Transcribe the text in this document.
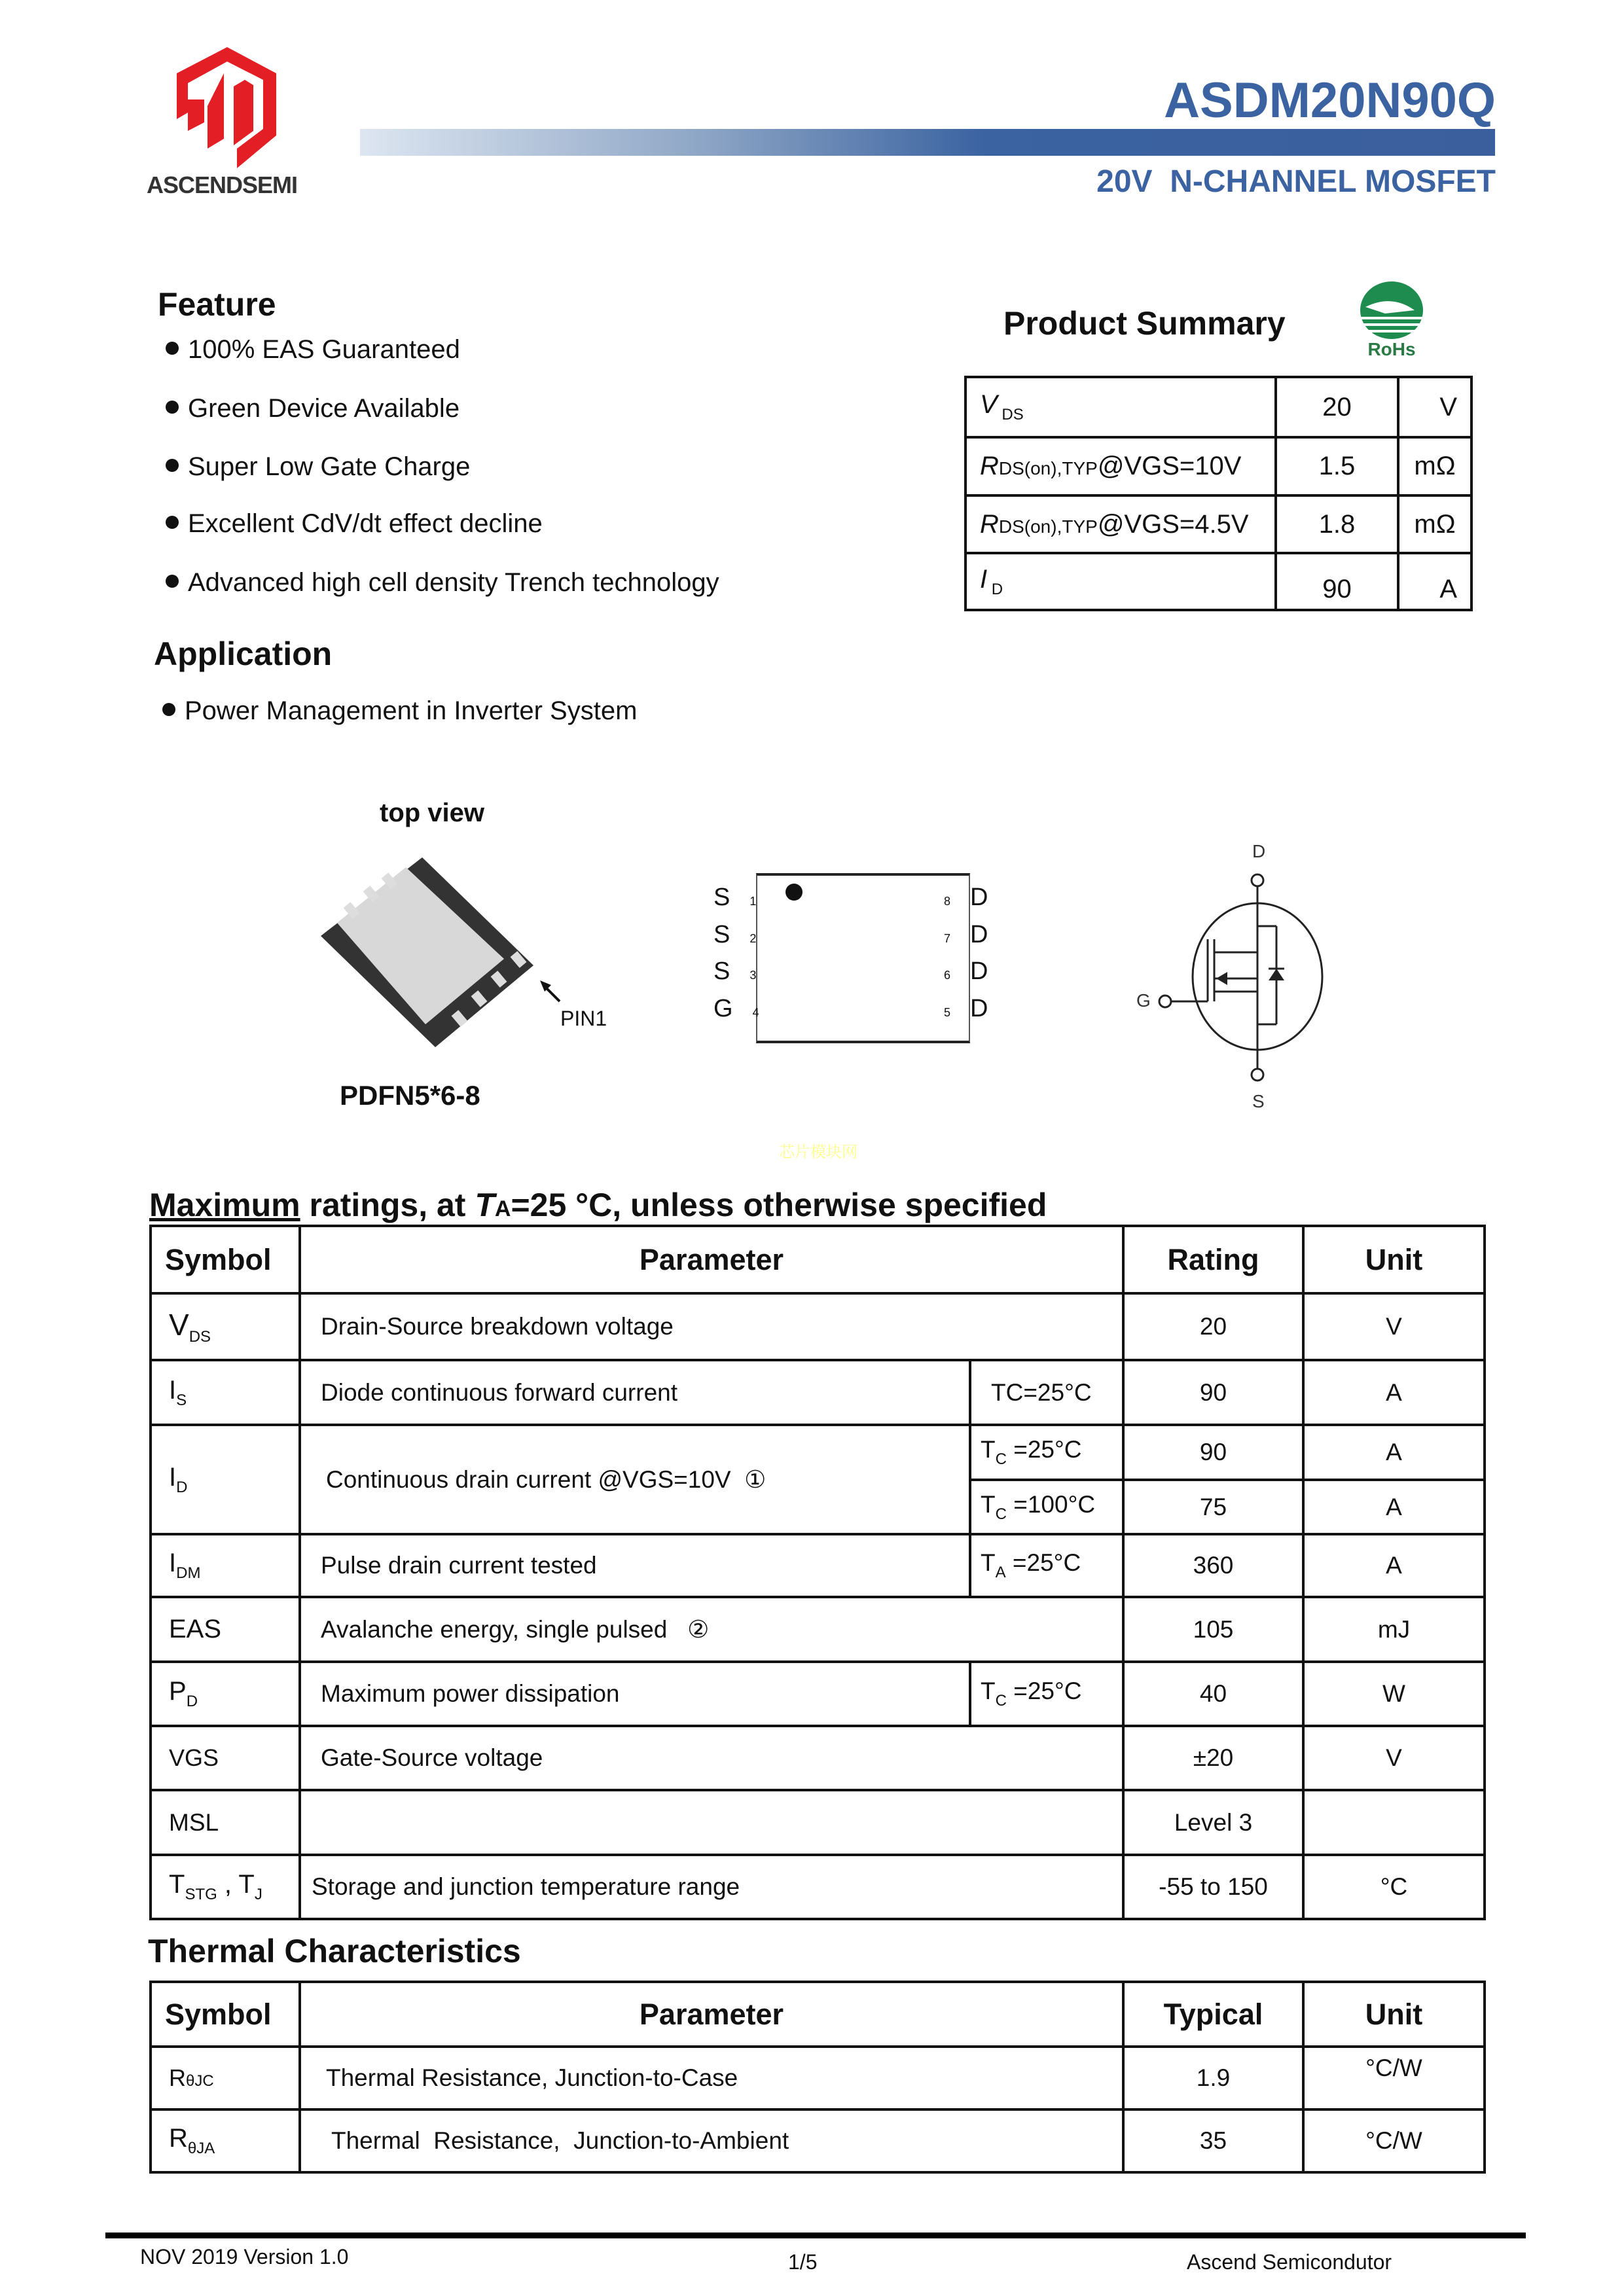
ASCENDSEMI
ASDM20N90Q
20V  N-CHANNEL MOSFET
Feature
100% EAS Guaranteed
Green Device Available
Super Low Gate Charge
Excellent CdV/dt effect decline
Advanced high cell density Trench technology
Application
Power Management in Inverter System
Product Summary
RoHs
V $_{DS}$	20	V
RDS(on),TYP@VGS=10V	1.5	mΩ
RDS(on),TYP@VGS=4.5V	1.8	mΩ
I $_D$	90	A
top view
PIN1
PDFN5*6-8
S 1
S 2
S 3
G 4
8 D
7 D
6 D
5 D
D
G
S
芯片模块网
Maximum ratings, at TA=25 °C, unless otherwise specified
Symbol	Parameter		Rating	Unit
$V_{DS}$	Drain-Source breakdown voltage		20	V
$I_S$	Diode continuous forward current	TC=25°C	90	A
$I_D$	Continuous drain current @VGS=10V  ①	$T_C =25^\circ C$	90	A
		$T_C =100^\circ C$	75	A
$I_{DM}$	Pulse drain current tested	$T_A =25^\circ C$	360	A
EAS	Avalanche energy, single pulsed   ②		105	mJ
$P_D$	Maximum power dissipation	$T_C =25^\circ C$	40	W
VGS	Gate-Source voltage		±20	V
MSL			Level 3	
$T_{STG}$ , $T_J$	Storage and junction temperature range		-55 to 150	°C
Thermal Characteristics
Symbol	Parameter	Typical	Unit
RθJC	Thermal Resistance, Junction-to-Case	1.9	°C/W
$R_{\theta JA}$	Thermal  Resistance,  Junction-to-Ambient	35	°C/W
NOV 2019 Version 1.0	1/5	Ascend Semicondutor
